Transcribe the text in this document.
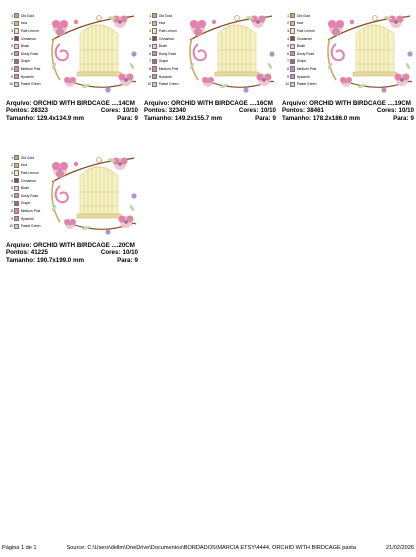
1 Old Gold
2 Inca
3 Pale Lemon
4 Cinnamon
5 Blush
6 Dusty Rose
7 Grape
8 Medium Pink
9 Hyacinth
10 Pastel Green
Arquivo: ORCHID WITH BIRDCAGE ....14CM
Pontos: 28323	Cores: 10/10
Tamanho: 129.4x134.9 mm	Para: 9
1 Old Gold
2 Inca
3 Pale Lemon
4 Cinnamon
5 Blush
6 Dusty Rose
7 Grape
8 Medium Pink
9 Hyacinth
10 Pastel Green
Arquivo: ORCHID WITH BIRDCAGE ....16CM
Pontos: 32340	Cores: 10/10
Tamanho: 149.2x155.7 mm	Para: 9
1 Old Gold
2 Inca
3 Pale Lemon
4 Cinnamon
5 Blush
6 Dusty Rose
7 Grape
8 Medium Pink
9 Hyacinth
10 Pastel Green
Arquivo: ORCHID WITH BIRDCAGE ....19CM
Pontos: 38461	Cores: 10/10
Tamanho: 178.2x186.0 mm	Para: 9
1 Old Gold
2 Inca
3 Pale Lemon
4 Cinnamon
5 Blush
6 Dusty Rose
7 Grape
8 Medium Pink
9 Hyacinth
10 Pastel Green
Arquivo: ORCHID WITH BIRDCAGE ....20CM
Pontos: 41225	Cores: 10/10
Tamanho: 190.7x199.0 mm	Para: 9
Página 1 de 1	Source: C:\Users\dellm\OneDrive\Documentos\BORDADOS\MARCIA ETSY\4444. ORCHID WITH BIRDCAGE pasta	21/02/2026
